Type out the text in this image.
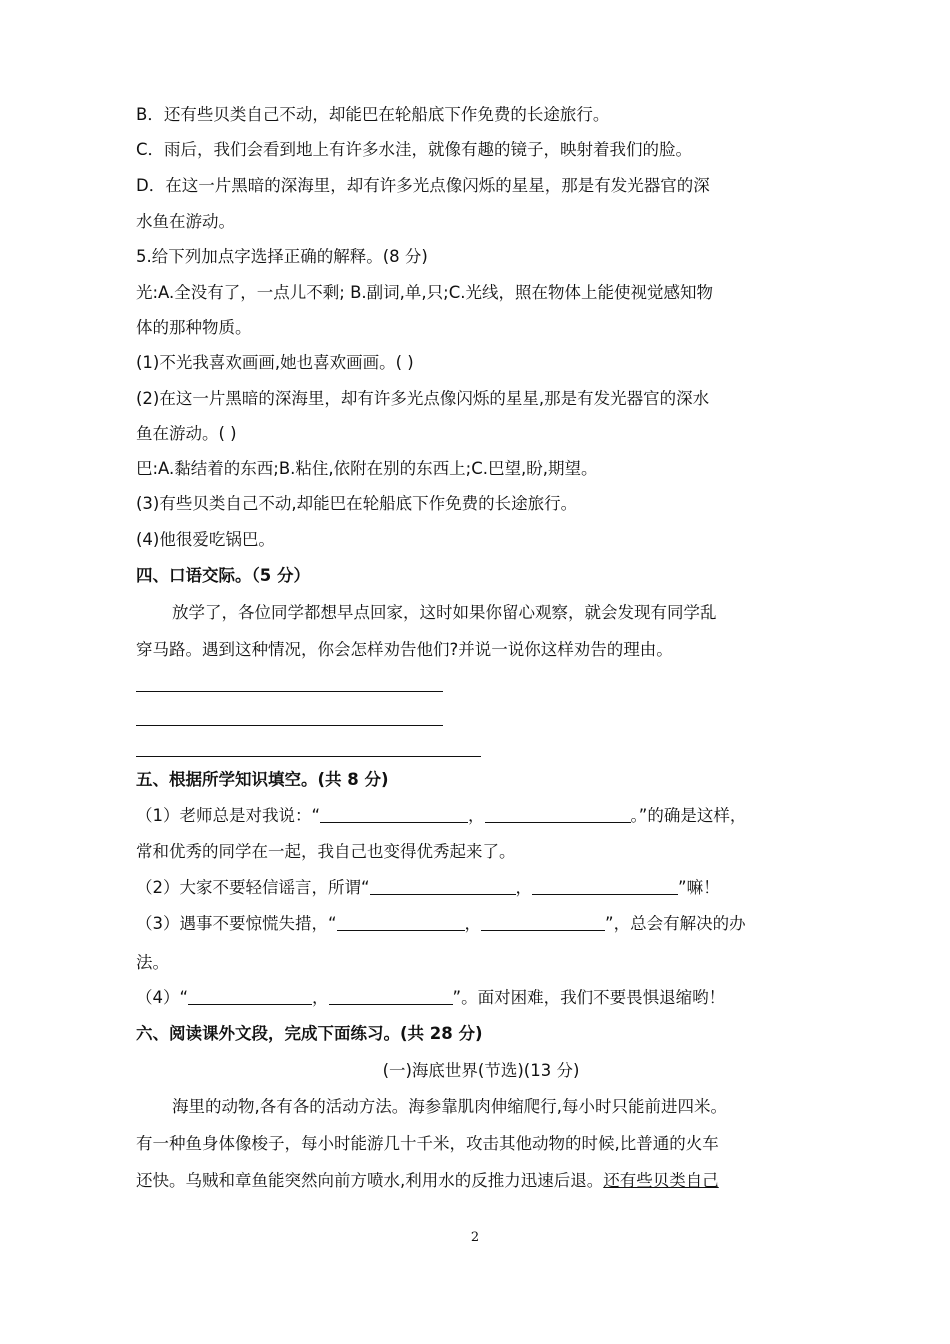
B．还有些贝类自己不动，却能巴在轮船底下作免费的长途旅行。
C．雨后，我们会看到地上有许多水洼，就像有趣的镜子，映射着我们的脸。
D．在这一片黑暗的深海里，却有许多光点像闪烁的星星，那是有发光器官的深
水鱼在游动。
5.给下列加点字选择正确的解释。(8 分)
光:A.全没有了，一点儿不剩; B.副词,单,只;C.光线，照在物体上能使视觉感知物
体的那种物质。
(1)不光我喜欢画画,她也喜欢画画。( )
(2)在这一片黑暗的深海里，却有许多光点像闪烁的星星,那是有发光器官的深水
鱼在游动。( )
巴:A.黏结着的东西;B.粘住,依附在别的东西上;C.巴望,盼,期望。
(3)有些贝类自己不动,却能巴在轮船底下作免费的长途旅行。
(4)他很爱吃锅巴。
四、口语交际。（5 分）
放学了，各位同学都想早点回家，这时如果你留心观察，就会发现有同学乱
穿马路。遇到这种情况，你会怎样劝告他们?并说一说你这样劝告的理由。
五、根据所学知识填空。(共 8 分)
（1）老师总是对我说：“	，	。”的确是这样，
常和优秀的同学在一起，我自己也变得优秀起来了。
（2）大家不要轻信谣言，所谓“	，	”嘛！
（3）遇事不要惊慌失措，“	，	”，总会有解决的办
法。
（4）“	，	”。面对困难，我们不要畏惧退缩哟！
六、阅读课外文段，完成下面练习。(共 28 分)
(一)海底世界(节选)(13 分)
海里的动物,各有各的活动方法。海参靠肌肉伸缩爬行,每小时只能前进四米。
有一种鱼身体像梭子，每小时能游几十千米，攻击其他动物的时候,比普通的火车
还快。乌贼和章鱼能突然向前方喷水,利用水的反推力迅速后退。还有些贝类自己
2
